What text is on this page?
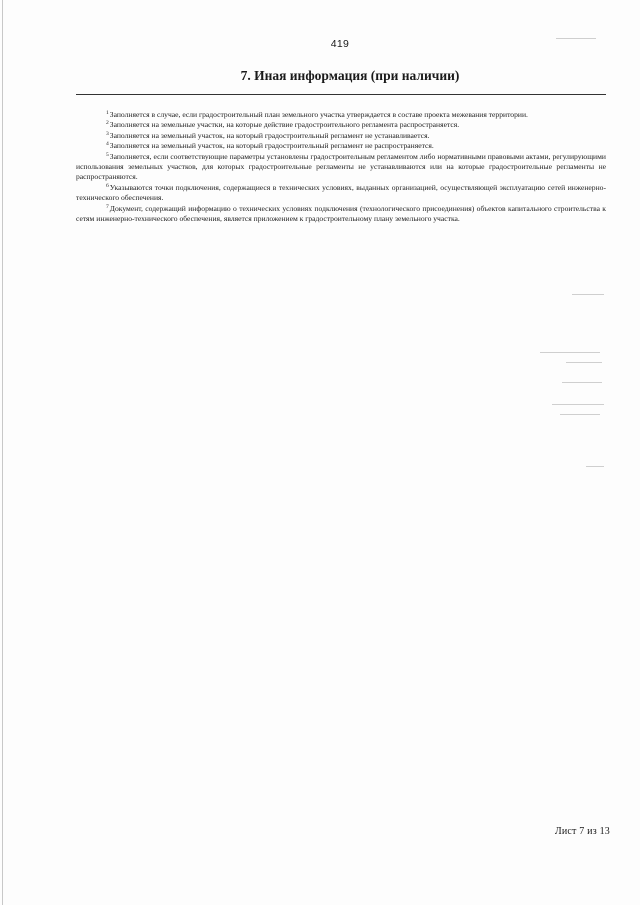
419
7. Иная информация (при наличии)

$^1$Заполняется в случае, если градостроительный план земельного участка утверждается в составе проекта межевания территории.

$^2$Заполняется на земельные участки, на которые действие градостроительного регламента распространяется.

$^3$Заполняется на земельный участок, на который градостроительный регламент не устанавливается.

$^4$Заполняется на земельный участок, на который градостроительный регламент не распространяется.

$^5$Заполняется, если соответствующие параметры установлены градостроительным регламентом либо нормативными правовыми актами, регулирующими использования земельных участков, для которых градостроительные регламенты не устанавливаются или на которые градостроительные регламенты не распространяются.

$^6$Указываются точки подключения, содержащиеся в технических условиях, выданных организацией, осуществляющей эксплуатацию сетей инженерно-технического обеспечения.

$^7$Документ, содержащий информацию о технических условиях подключения (технологического присоединения) объектов капитального строительства к сетям инженерно-технического обеспечения, является приложением к градостроительному плану земельного участка.

Лист 7 из 13
